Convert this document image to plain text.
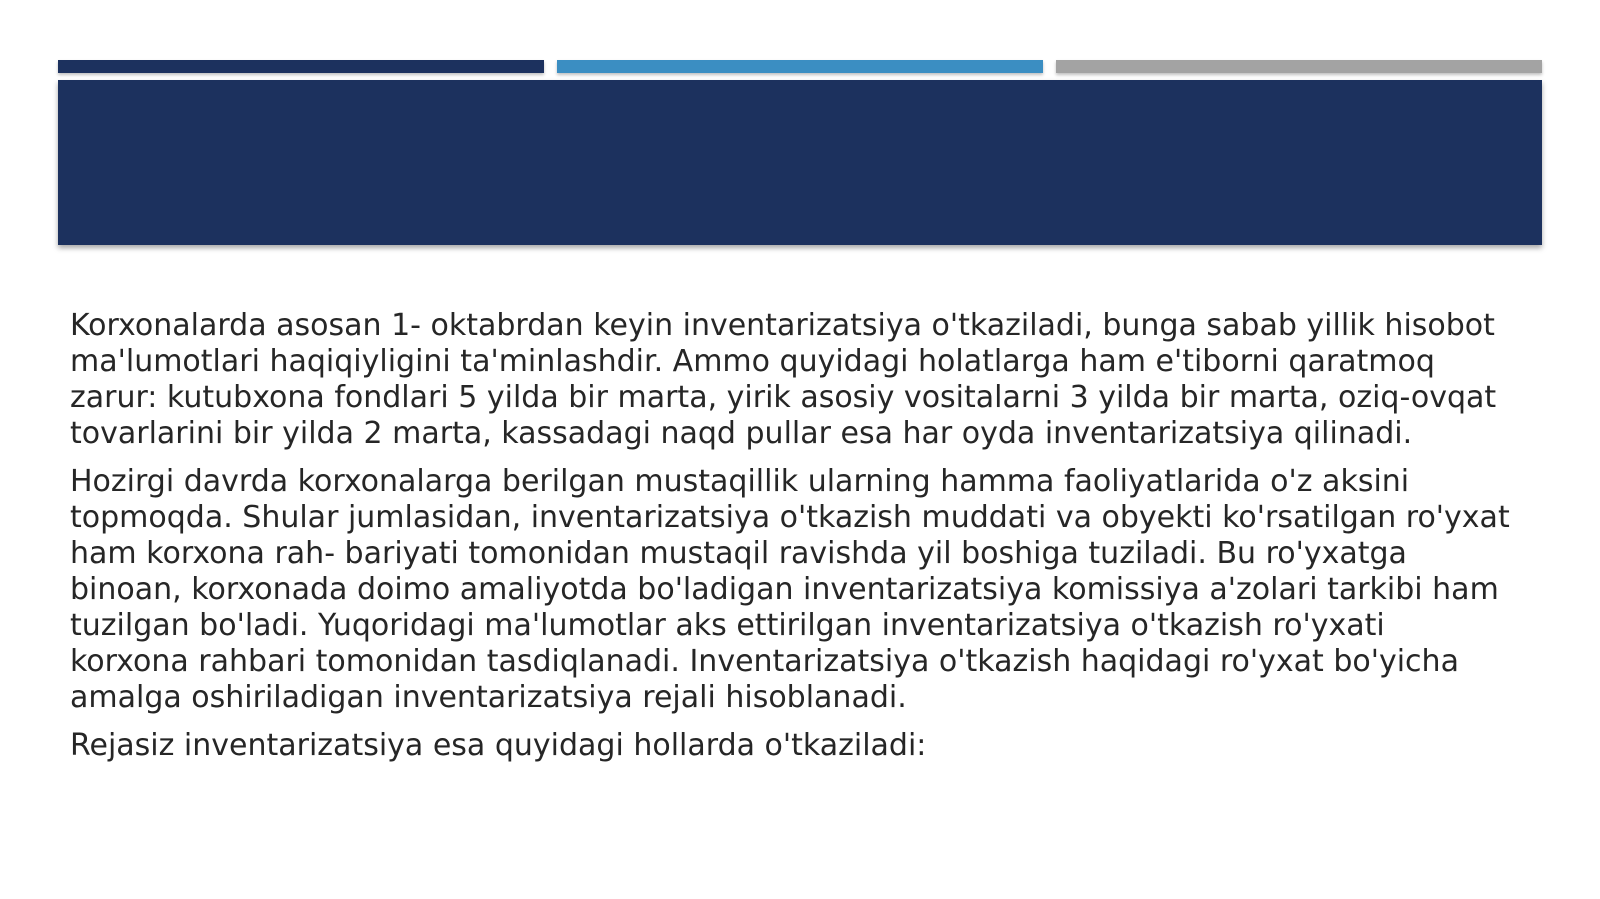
Korxonalarda asosan 1- oktabrdan keyin inventarizatsiya o'tkaziladi, bunga sabab yillik hisobot ma'lumotlari haqiqiyligini ta'minlashdir. Ammo quyidagi holatlarga ham e'tiborni qaratmoq zarur: kutubxona fondlari 5 yilda bir marta, yirik asosiy vositalarni 3 yilda bir marta, oziq-ovqat tovarlarini bir yilda 2 marta, kassadagi naqd pullar esa har oyda inventarizatsiya qilinadi.

Hozirgi davrda korxonalarga berilgan mustaqillik ularning hamma faoliyatlarida o'z aksini topmoqda. Shular jumlasidan, inventarizatsiya o'tkazish muddati va obyekti ko'rsatilgan ro'yxat ham korxona rah- bariyati tomonidan mustaqil ravishda yil boshiga tuziladi. Bu ro'yxatga binoan, korxonada doimo amaliyotda bo'ladigan inventarizatsiya komissiya a'zolari tarkibi ham tuzilgan bo'ladi. Yuqoridagi ma'lumotlar aks ettirilgan inventarizatsiya o'tkazish ro'yxati korxona rahbari tomonidan tasdiqlanadi. Inventarizatsiya o'tkazish haqidagi ro'yxat bo'yicha amalga oshiriladigan inventarizatsiya rejali hisoblanadi.

Rejasiz inventarizatsiya esa quyidagi hollarda o'tkaziladi:
